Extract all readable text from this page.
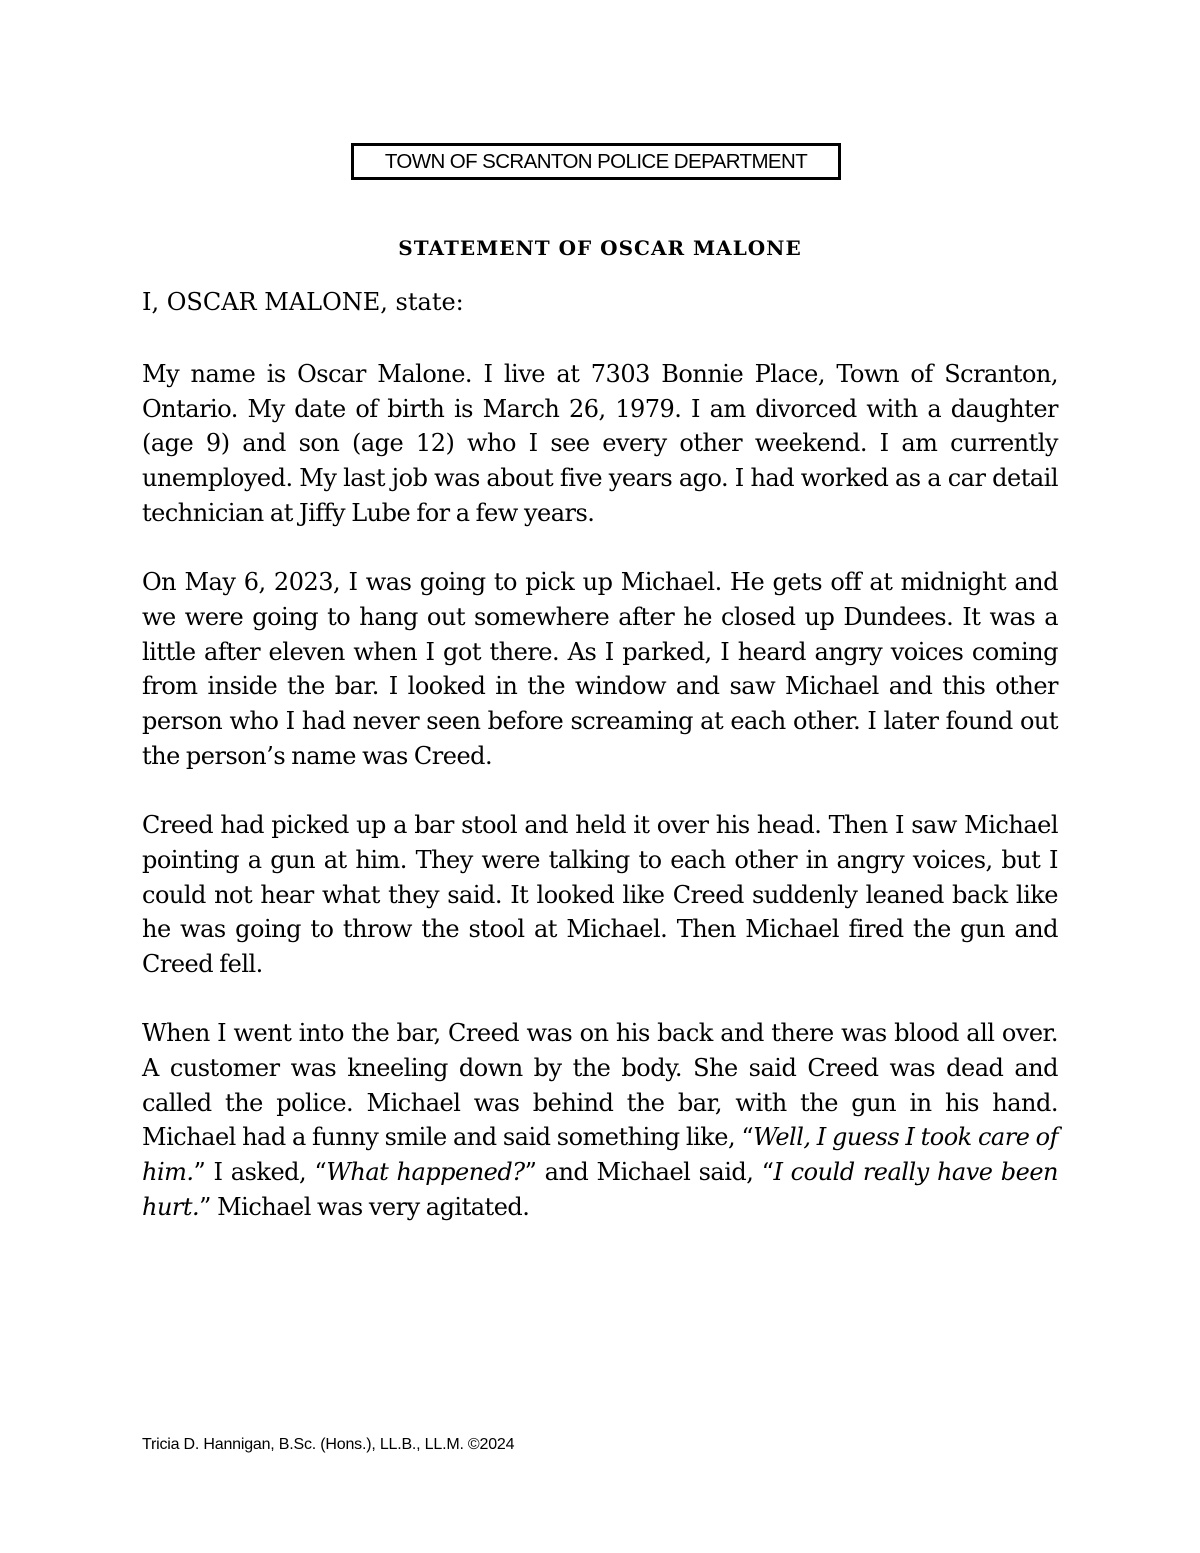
TOWN OF SCRANTON POLICE DEPARTMENT
STATEMENT OF OSCAR MALONE
I, OSCAR MALONE, state:

My name is Oscar Malone. I live at 7303 Bonnie Place, Town of Scranton, Ontario. My date of birth is March 26, 1979. I am divorced with a daughter (age 9) and son (age 12) who I see every other weekend. I am currently unemployed. My last job was about five years ago. I had worked as a car detail technician at Jiffy Lube for a few years.

On May 6, 2023, I was going to pick up Michael. He gets off at midnight and we were going to hang out somewhere after he closed up Dundees. It was a little after eleven when I got there. As I parked, I heard angry voices coming from inside the bar. I looked in the window and saw Michael and this other person who I had never seen before screaming at each other. I later found out the person’s name was Creed.

Creed had picked up a bar stool and held it over his head. Then I saw Michael pointing a gun at him. They were talking to each other in angry voices, but I could not hear what they said. It looked like Creed suddenly leaned back like he was going to throw the stool at Michael. Then Michael fired the gun and Creed fell.

When I went into the bar, Creed was on his back and there was blood all over. A customer was kneeling down by the body. She said Creed was dead and called the police. Michael was behind the bar, with the gun in his hand. Michael had a funny smile and said something like, “Well, I guess I took care of him.” I asked, “What happened?” and Michael said, “I could really have been hurt.” Michael was very agitated.

Tricia D. Hannigan, B.Sc. (Hons.), LL.B., LL.M. ©2024
